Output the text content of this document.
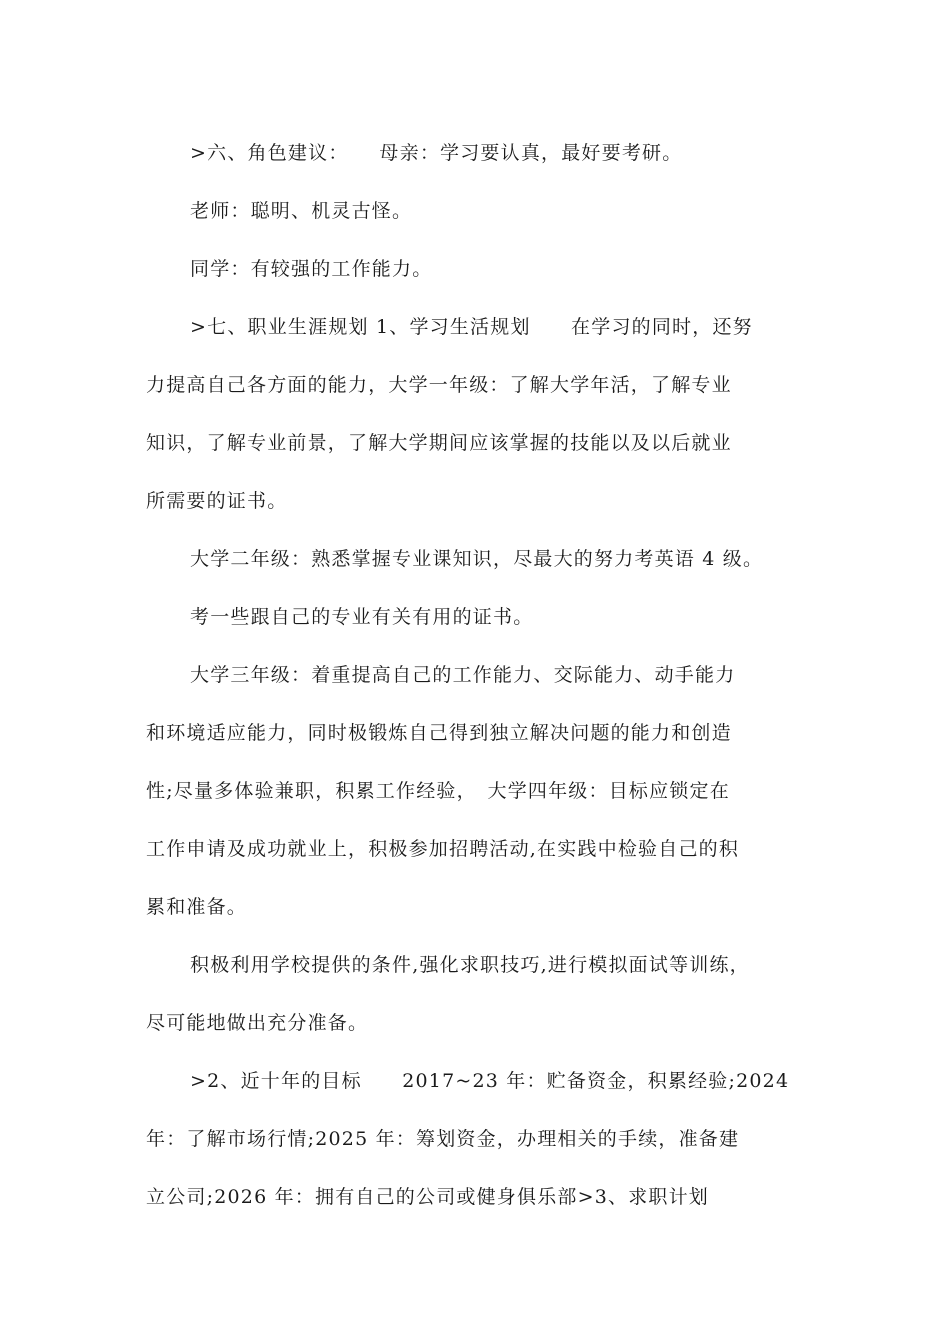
>六、角色建议：　　母亲：学习要认真，最好要考研。
老师：聪明、机灵古怪。
同学：有较强的工作能力。
>七、职业生涯规划 1、学习生活规划　　在学习的同时，还努
力提高自己各方面的能力，大学一年级：了解大学年活，了解专业
知识，了解专业前景，了解大学期间应该掌握的技能以及以后就业
所需要的证书。
大学二年级：熟悉掌握专业课知识，尽最大的努力考英语 4 级。
考一些跟自己的专业有关有用的证书。
大学三年级：着重提高自己的工作能力、交际能力、动手能力
和环境适应能力，同时极锻炼自己得到独立解决问题的能力和创造
性;尽量多体验兼职，积累工作经验，　大学四年级：目标应锁定在
工作申请及成功就业上，积极参加招聘活动,在实践中检验自己的积
累和准备。
积极利用学校提供的条件,强化求职技巧,进行模拟面试等训练，
尽可能地做出充分准备。
>2、近十年的目标　　2017~23 年：贮备资金，积累经验;2024
年：了解市场行情;2025 年：筹划资金，办理相关的手续，准备建
立公司;2026 年：拥有自己的公司或健身俱乐部>3、求职计划
